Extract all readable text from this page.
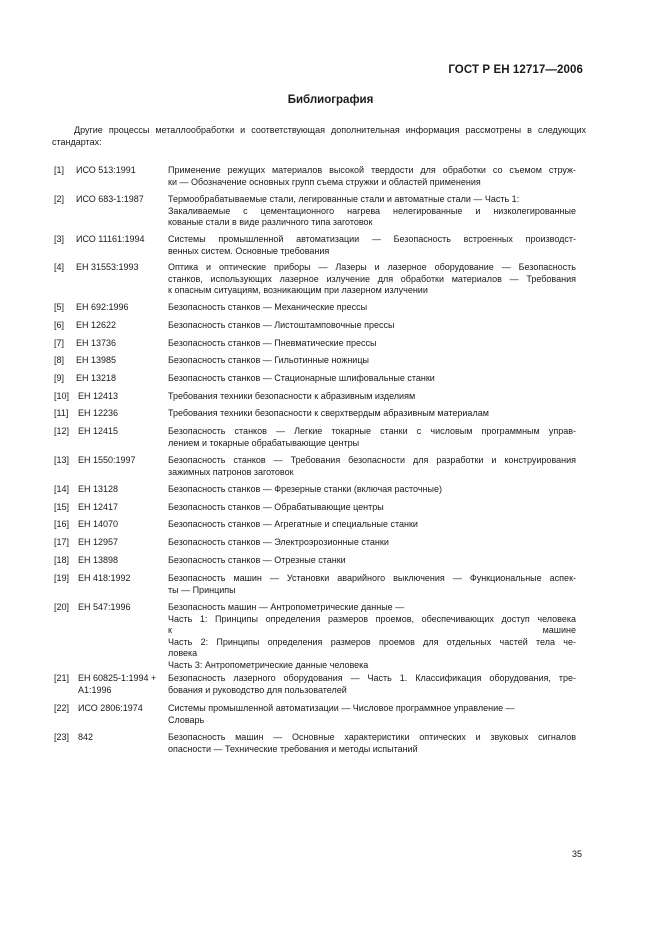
ГОСТ Р ЕН 12717—2006
Библиография
Другие процессы металлообработки и соответствующая дополнительная информация рассмотрены в следующих стандартах:
[1] ИСО 513:1991	Применение режущих материалов высокой твердости для обработки со съемом струж-
ки — Обозначение основных групп съема стружки и областей применения
[2] ИСО 683-1:1987	Термообрабатываемые стали, легированные стали и автоматные стали — Часть 1:
Закаливаемые с цементационного нагрева нелегированные и низколегированные
кованые стали в виде различного типа заготовок
[3] ИСО 11161:1994	Системы промышленной автоматизации — Безопасность встроенных производст-
венных систем. Основные требования
[4] ЕН 31553:1993	Оптика и оптические приборы — Лазеры и лазерное оборудование — Безопасность
станков, использующих лазерное излучение для обработки материалов — Требования
к опасным ситуациям, возникающим при лазерном излучении
[5] ЕН 692:1996	Безопасность станков — Механические прессы
[6] ЕН 12622	Безопасность станков — Листоштамповочные прессы
[7] ЕН 13736	Безопасность станков — Пневматические прессы
[8] ЕН 13985	Безопасность станков — Гильотинные ножницы
[9] ЕН 13218	Безопасность станков — Стационарные шлифовальные станки
[10] ЕН 12413	Требования техники безопасности к абразивным изделиям
[11] ЕН 12236	Требования техники безопасности к сверхтвердым абразивным материалам
[12] ЕН 12415	Безопасность станков — Легкие токарные станки с числовым программным управ-
лением и токарные обрабатывающие центры
[13] ЕН 1550:1997	Безопасность станков — Требования безопасности для разработки и конструирования
зажимных патронов заготовок
[14] ЕН 13128	Безопасность станков — Фрезерные станки (включая расточные)
[15] ЕН 12417	Безопасность станков — Обрабатывающие центры
[16] ЕН 14070	Безопасность станков — Агрегатные и специальные станки
[17] ЕН 12957	Безопасность станков — Электроэрозионные станки
[18] ЕН 13898	Безопасность станков — Отрезные станки
[19] ЕН 418:1992	Безопасность машин — Установки аварийного выключения — Функциональные аспек-
ты — Принципы
[20] ЕН 547:1996	Безопасность машин — Антропометрические данные —
Часть 1: Принципы определения размеров проемов, обеспечивающих доступ человека
к машине
Часть 2: Принципы определения размеров проемов для отдельных частей тела че-
ловека
Часть 3: Антропометрические данные человека
[21] ЕН 60825-1:1994 + А1:1996
Безопасность лазерного оборудования — Часть 1. Классификация оборудования, тре-
бования и руководство для пользователей
[22] ИСО 2806:1974	Системы промышленной автоматизации — Числовое программное управление —
Словарь
[23] 842	Безопасность машин — Основные характеристики оптических и звуковых сигналов
опасности — Технические требования и методы испытаний
35
